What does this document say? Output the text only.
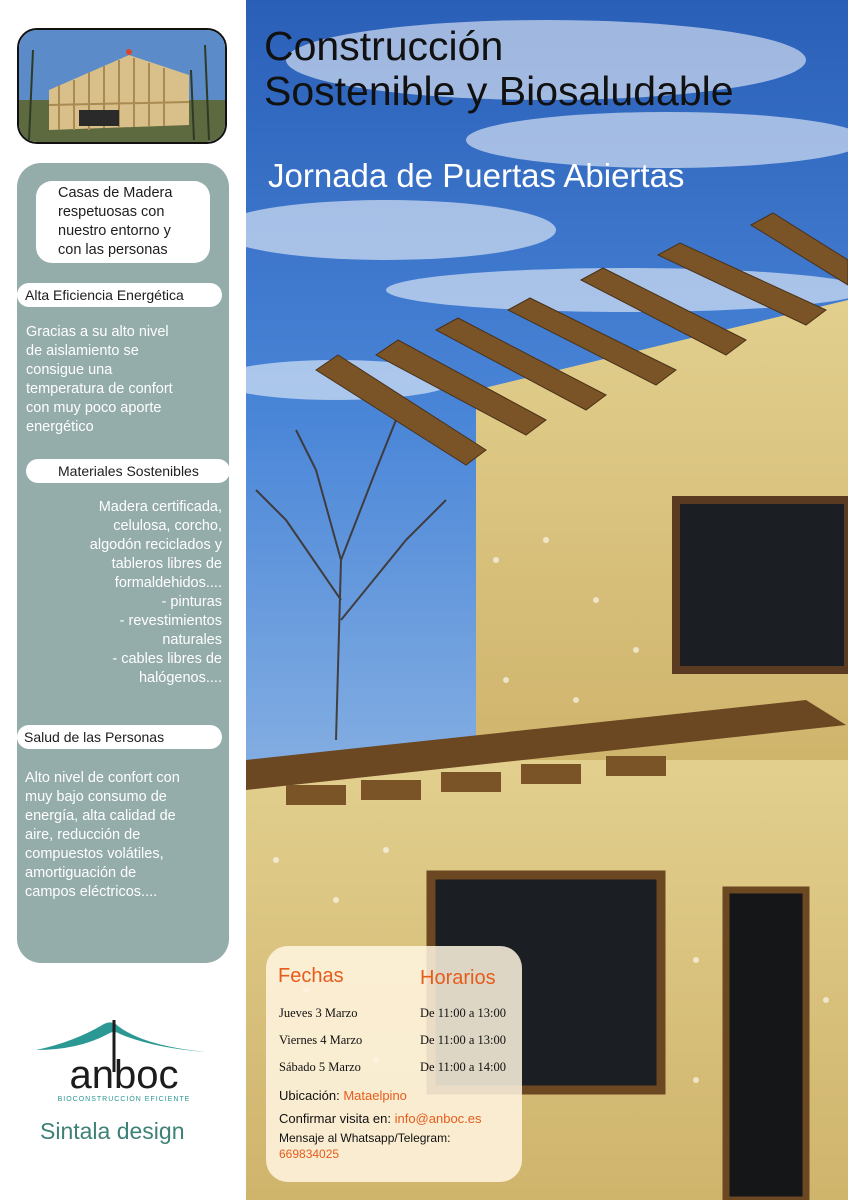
Construcción
Sostenible y Biosaludable
Jornada de Puertas Abiertas
Casas de Madera
respetuosas con
nuestro entorno y
con las personas
Alta Eficiencia Energética
Gracias a su alto nivel
de aislamiento se
consigue una
temperatura de confort
con muy poco aporte
energético
Materiales Sostenibles
Madera certificada,
celulosa, corcho,
algodón reciclados y
tableros libres de
formaldehidos....
- pinturas
- revestimientos
naturales
- cables libres de
halógenos....
Salud de las Personas
Alto nivel de confort con
muy bajo consumo de
energía, alta calidad de
aire, reducción de
compuestos volátiles,
amortiguación de
campos eléctricos....
anboc
BIOCONSTRUCCIÓN EFICIENTE
Sintala design
Fechas	Horarios
Jueves 3 Marzo	De 11:00 a 13:00
Viernes 4 Marzo	De 11:00 a 13:00
Sábado 5 Marzo	De 11:00 a 14:00
Ubicación: Mataelpino
Confirmar visita en: info@anboc.es
Mensaje al Whatsapp/Telegram:
669834025
